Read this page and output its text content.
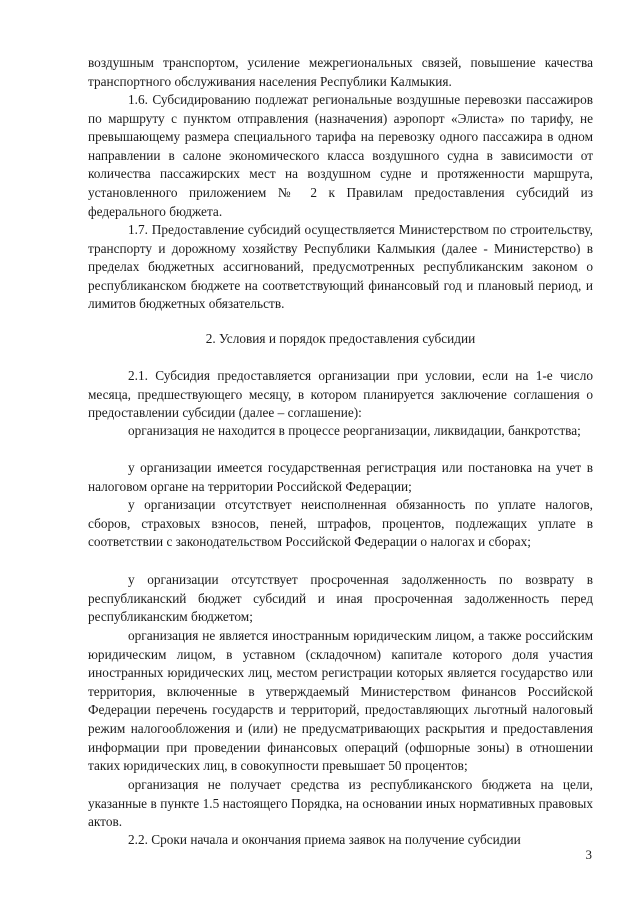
воздушным транспортом, усиление межрегиональных связей, повышение качества транспортного обслуживания населения Республики Калмыкия.

1.6. Субсидированию подлежат региональные воздушные перевозки пассажиров по маршруту с пунктом отправления (назначения) аэропорт «Элиста» по тарифу, не превышающему размера специального тарифа на перевозку одного пассажира в одном направлении в салоне экономического класса воздушного судна в зависимости от количества пассажирских мест на воздушном судне и протяженности маршрута, установленного приложением № 2 к Правилам предоставления субсидий из федерального бюджета.

1.7. Предоставление субсидий осуществляется Министерством по строительству, транспорту и дорожному хозяйству Республики Калмыкия (далее - Министерство) в пределах бюджетных ассигнований, предусмотренных республиканским законом о республиканском бюджете на соответствующий финансовый год и плановый период, и лимитов бюджетных обязательств.

2. Условия и порядок предоставления субсидии

2.1. Субсидия предоставляется организации при условии, если на 1-е число месяца, предшествующего месяцу, в котором планируется заключение соглашения о предоставлении субсидии (далее – соглашение):

организация не находится в процессе реорганизации, ликвидации, банкротства;

у организации имеется государственная регистрация или постановка на учет в налоговом органе на территории Российской Федерации;

у организации отсутствует неисполненная обязанность по уплате налогов, сборов, страховых взносов, пеней, штрафов, процентов, подлежащих уплате в соответствии с законодательством Российской Федерации о налогах и сборах;

у организации отсутствует просроченная задолженность по возврату в республиканский бюджет субсидий и иная просроченная задолженность перед республиканским бюджетом;

организация не является иностранным юридическим лицом, а также российским юридическим лицом, в уставном (складочном) капитале которого доля участия иностранных юридических лиц, местом регистрации которых является государство или территория, включенные в утверждаемый Министерством финансов Российской Федерации перечень государств и территорий, предоставляющих льготный налоговый режим налогообложения и (или) не предусматривающих раскрытия и предоставления информации при проведении финансовых операций (офшорные зоны) в отношении таких юридических лиц, в совокупности превышает 50 процентов;

организация не получает средства из республиканского бюджета на цели, указанные в пункте 1.5 настоящего Порядка, на основании иных нормативных правовых актов.

2.2. Сроки начала и окончания приема заявок на получение субсидии

3
